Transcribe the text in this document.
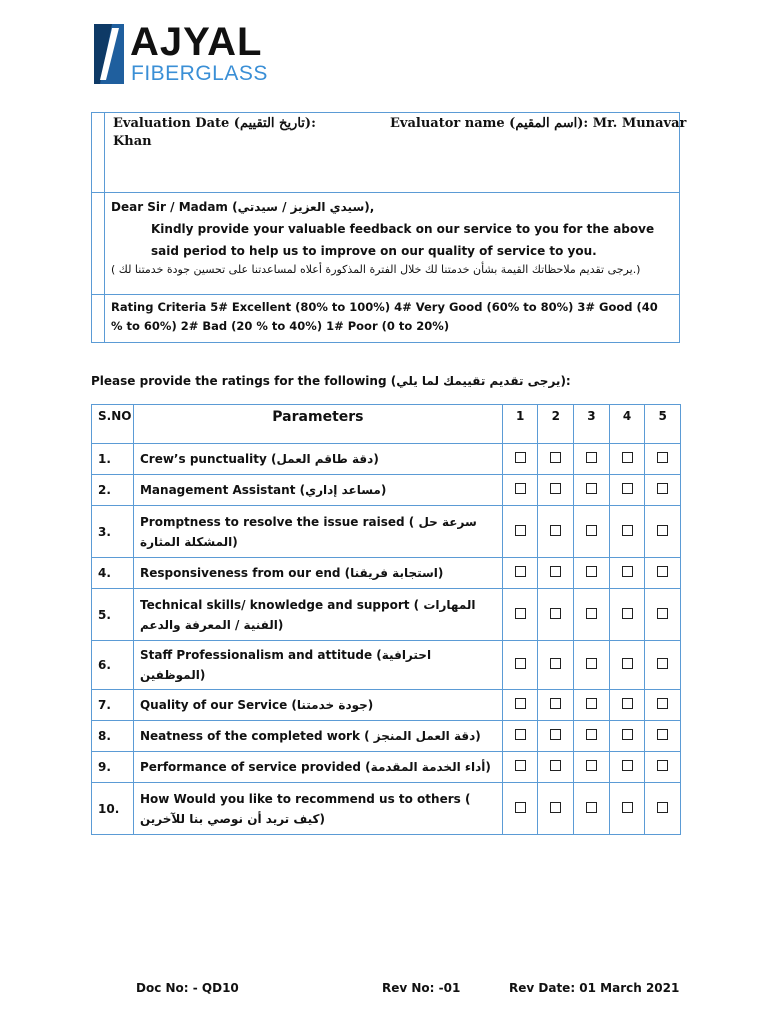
AJYAL
FIBERGLASS

	Evaluation Date (تاريخ التقييم): Evaluator name (اسم المقيم): Mr. Munavar
Khan

	Dear Sir / Madam (سيدي العزيز / سيدتي),
Kindly provide your valuable feedback on our service to you for the above said period to help us to improve on our quality of service to you.
( يرجى تقديم ملاحظاتك القيمة بشأن خدمتنا لك خلال الفترة المذكورة أعلاه لمساعدتنا على تحسين جودة خدمتنا لك.)

	Rating Criteria 5# Excellent (80% to 100%) 4# Very Good (60% to 80%) 3# Good (40 % to 60%) 2# Bad (20 % to 40%) 1# Poor (0 to 20%)
Please provide the ratings for the following (يرجى تقديم تقييمك لما يلي):
S.NO	Parameters	1	2	3	4	5
1.	Crew’s punctuality (دقة طاقم العمل)					
2.	Management Assistant (مساعد إداري)					
3.	Promptness to resolve the issue raised ( سرعة حل المشكلة المثارة)					
4.	Responsiveness from our end (استجابة فريقنا)					
5.	Technical skills/ knowledge and support ( المهارات الفنية / المعرفة والدعم)					
6.	Staff Professionalism and attitude (احترافية الموظفين)					
7.	Quality of our Service (جودة خدمتنا)					
8.	Neatness of the completed work ( دقة العمل المنجز)					
9.	Performance of service provided (أداء الخدمة المقدمة)					
10.	How Would you like to recommend us to others ( كيف تريد أن نوصي بنا للآخرين)					
Doc No: - QD10	Rev No: -01	Rev Date: 01 March 2021
